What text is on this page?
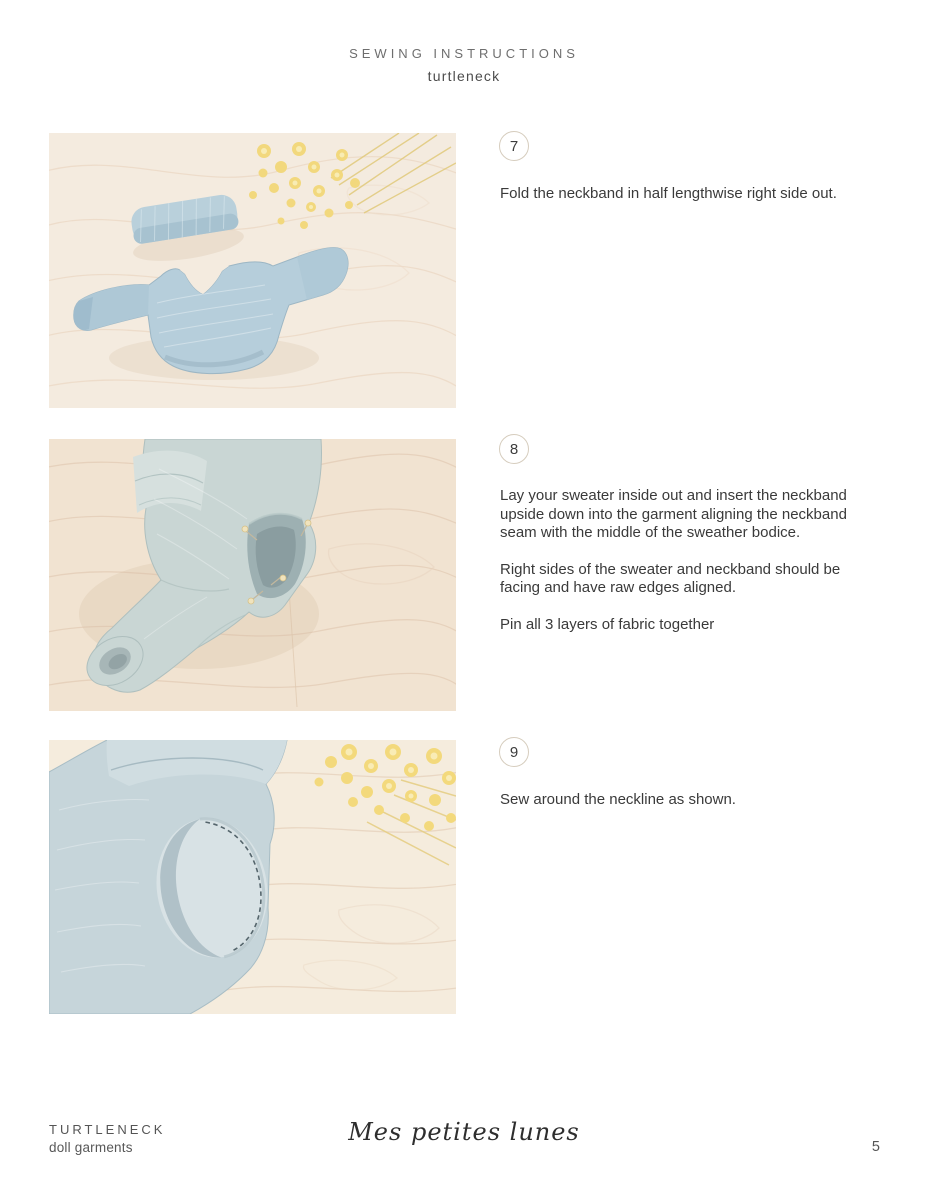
SEWING INSTRUCTIONS
turtleneck
7

Fold the neckband in half lengthwise right side out.

8

Lay your sweater inside out and insert the neckband upside down into the garment aligning the neckband seam with the middle of the sweather bodice.

Right sides of the sweater and neckband should be facing and have raw edges aligned.

Pin all 3 layers of fabric together

9

Sew around the neckline as shown.

TURTLENECK
doll garments
Mes petites lunes
5
